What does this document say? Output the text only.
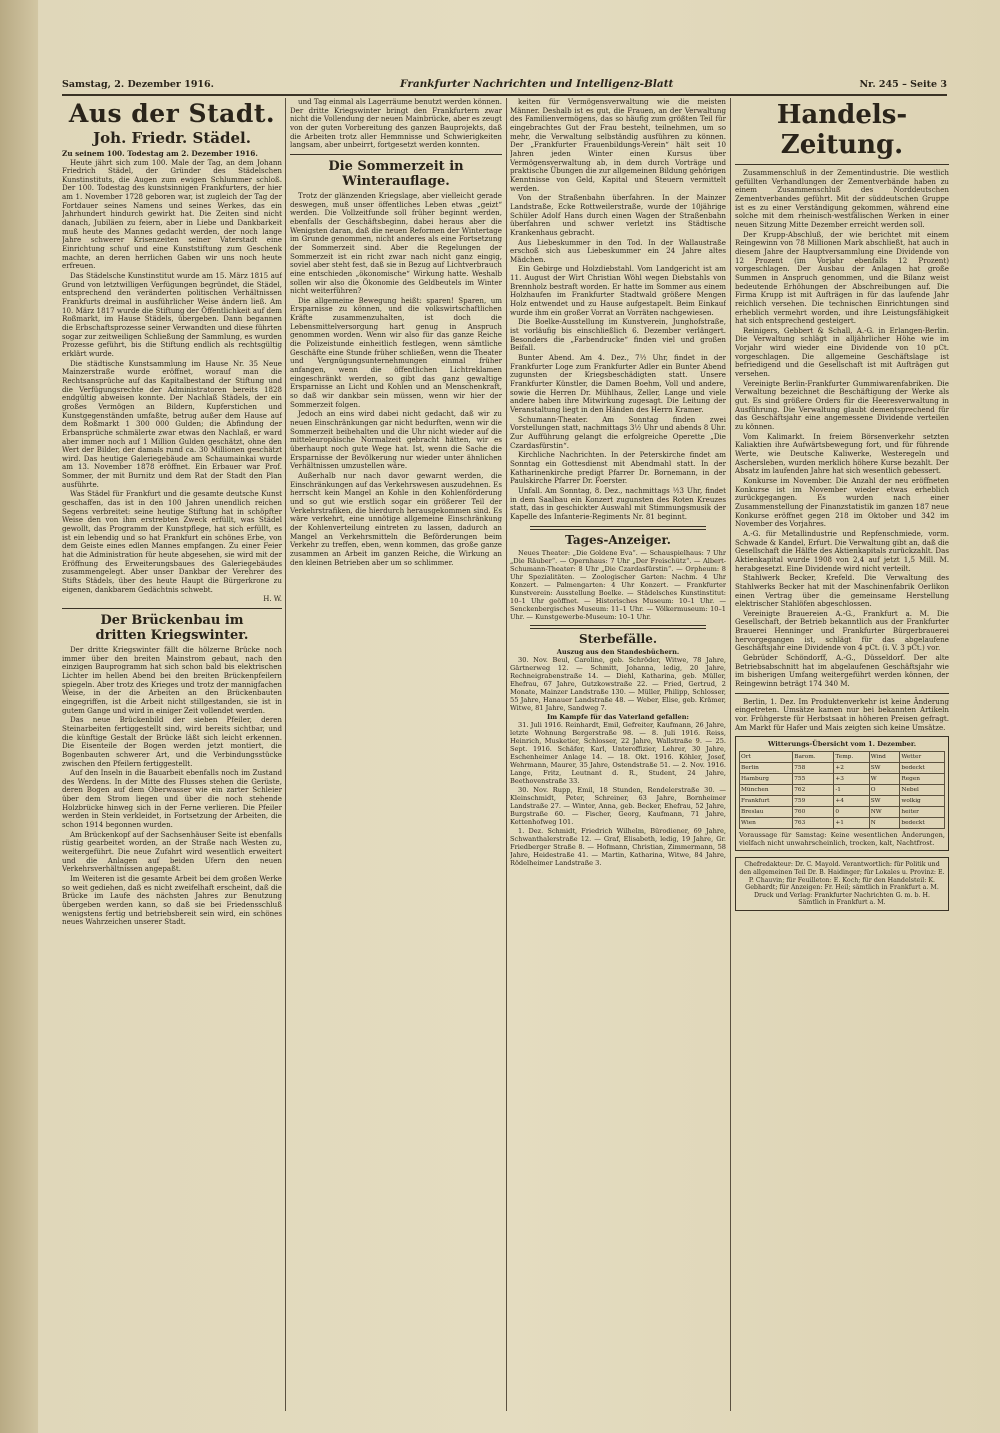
Samstag, 2. Dezember 1916.	Frankfurter Nachrichten und Intelligenz-Blatt	Nr. 245 – Seite 3
Aus der Stadt.
Joh. Friedr. Städel.
Zu seinem 100. Todestag am 2. Dezember 1916.

Heute jährt sich zum 100. Male der Tag, an dem Johann Friedrich Städel, der Gründer des Städelschen Kunstinstituts, die Augen zum ewigen Schlummer schloß. Der 100. Todestag des kunstsinnigen Frankfurters, der hier am 1. November 1728 geboren war, ist zugleich der Tag der Fortdauer seines Namens und seines Werkes, das ein Jahrhundert hindurch gewirkt hat. Die Zeiten sind nicht danach, Jubiläen zu feiern, aber in Liebe und Dankbarkeit muß heute des Mannes gedacht werden, der noch lange Jahre schwerer Krisenzeiten seiner Vaterstadt eine Einrichtung schuf und eine Kunststiftung zum Geschenk machte, an deren herrlichen Gaben wir uns noch heute erfreuen.

Das Städelsche Kunstinstitut wurde am 15. März 1815 auf Grund von letztwilligen Verfügungen begründet, die Städel, entsprechend den veränderten politischen Verhältnissen Frankfurts dreimal in ausführlicher Weise ändern ließ. Am 10. März 1817 wurde die Stiftung der Öffentlichkeit auf dem Roßmarkt, im Hause Städels, übergeben. Dann begannen die Erbschaftsprozesse seiner Verwandten und diese führten sogar zur zeitweiligen Schließung der Sammlung, es wurden Prozesse geführt, bis die Stiftung endlich als rechtsgültig erklärt wurde.

Die städtische Kunstsammlung im Hause Nr. 35 Neue Mainzerstraße wurde eröffnet, worauf man die Rechtsansprüche auf das Kapitalbestand der Stiftung und die Verfügungsrechte der Administratoren bereits 1828 endgültig abweisen konnte. Der Nachlaß Städels, der ein großes Vermögen an Bildern, Kupferstichen und Kunstgegenständen umfaßte, betrug außer dem Hause auf dem Roßmarkt 1 300 000 Gulden; die Abfindung der Erbansprüche schmälerte zwar etwas den Nachlaß, er ward aber immer noch auf 1 Million Gulden geschätzt, ohne den Wert der Bilder, der damals rund ca. 30 Millionen geschätzt wird. Das heutige Galeriegebäude am Schaumainkai wurde am 13. November 1878 eröffnet. Ein Erbauer war Prof. Sommer, der mit Burnitz und dem Rat der Stadt den Plan ausführte.

Was Städel für Frankfurt und die gesamte deutsche Kunst geschaffen, das ist in den 100 Jahren unendlich reichen Segens verbreitet: seine heutige Stiftung hat in schöpfter Weise den von ihm erstrebten Zweck erfüllt, was Städel gewollt, das Programm der Kunstpflege, hat sich erfüllt, es ist ein lebendig und so hat Frankfurt ein schönes Erbe, von dem Geiste eines edlen Mannes empfangen. Zu einer Feier hat die Administration für heute abgesehen, sie wird mit der Eröffnung des Erweiterungsbaues des Galeriegebäudes zusammengelegt. Aber unser Dankbar der Verehrer des Stifts Städels, über des heute Haupt die Bürgerkrone zu eigenen, dankbarem Gedächtnis schwebt.

H. W.
Der Brückenbau im
dritten Kriegswinter.

Der dritte Kriegswinter fällt die hölzerne Brücke noch immer über den breiten Mainstrom gebaut, nach den einzigen Bauprogramm hat sich schon bald bis elektrischen Lichter im hellen Abend bei den breiten Brückenpfeilern spiegeln. Aber trotz des Krieges und trotz der mannigfachen Weise, in der die Arbeiten an den Brückenbauten eingegriffen, ist die Arbeit nicht stillgestanden, sie ist in gutem Gange und wird in einiger Zeit vollendet werden.

Das neue Brückenbild der sieben Pfeiler, deren Steinarbeiten fertiggestellt sind, wird bereits sichtbar, und die künftige Gestalt der Brücke läßt sich leicht erkennen. Die Eisenteile der Bogen werden jetzt montiert, die Bogenbauten schwerer Art, und die Verbindungsstücke zwischen den Pfeilern fertiggestellt.

Auf den Inseln in die Bauarbeit ebenfalls noch im Zustand des Werdens. In der Mitte des Flusses stehen die Gerüste, deren Bogen auf dem Oberwasser wie ein zarter Schleier über dem Strom liegen und über die noch stehende Holzbrücke hinweg sich in der Ferne verlieren. Die Pfeiler werden in Stein verkleidet, in Fortsetzung der Arbeiten, die schon 1914 begonnen wurden.

Am Brückenkopf auf der Sachsenhäuser Seite ist ebenfalls rüstig gearbeitet worden, an der Straße nach Westen zu, weitergeführt. Die neue Zufahrt wird wesentlich erweitert und die Anlagen auf beiden Ufern den neuen Verkehrsverhältnissen angepaßt.

Im Weiteren ist die gesamte Arbeit bei dem großen Werke so weit gediehen, daß es nicht zweifelhaft erscheint, daß die Brücke im Laufe des nächsten Jahres zur Benutzung übergeben werden kann, so daß sie bei Friedensschluß wenigstens fertig und betriebsbereit sein wird, ein schönes neues Wahrzeichen unserer Stadt.

und Tag einmal als Lagerräume benutzt werden können. Der dritte Kriegswinter bringt den Frankfurtern zwar nicht die Vollendung der neuen Mainbrücke, aber es zeugt von der guten Vorbereitung des ganzen Bauprojekts, daß die Arbeiten trotz aller Hemmnisse und Schwierigkeiten langsam, aber unbeirrt, fortgesetzt werden konnten.

Die Sommerzeit in Winterauflage.

Trotz der glänzenden Kriegslage, aber vielleicht gerade deswegen, muß unser öffentliches Leben etwas „geizt“ werden. Die Vollzeitfunde soll früher beginnt werden, ebenfalls der Geschäftsbeginn, dabei heraus aber die Wenigsten daran, daß die neuen Reformen der Wintertage im Grunde genommen, nicht anderes als eine Fortsetzung der Sommerzeit sind. Aber die Regelungen der Sommerzeit ist ein richt zwar nach nicht ganz eingig, soviel aber steht fest, daß sie in Bezug auf Lichtverbrauch eine entschieden „ökonomische“ Wirkung hatte. Weshalb sollen wir also die Ökonomie des Geldbeutels im Winter nicht weiterführen?

Die allgemeine Bewegung heißt: sparen! Sparen, um Ersparnisse zu können, und die volkswirtschaftlichen Kräfte zusammenzuhalten, ist doch die Lebensmittelversorgung hart genug in Anspruch genommen worden. Wenn wir also für das ganze Reiche die Polizeistunde einheitlich festlegen, wenn sämtliche Geschäfte eine Stunde früher schließen, wenn die Theater und Vergnügungsunternehmungen einmal früher anfangen, wenn die öffentlichen Lichtreklamen eingeschränkt werden, so gibt das ganz gewaltige Ersparnisse an Licht und Kohlen und an Menschenkraft, so daß wir dankbar sein müssen, wenn wir hier der Sommerzeit folgen.

Jedoch an eins wird dabei nicht gedacht, daß wir zu neuen Einschränkungen gar nicht bedurften, wenn wir die Sommerzeit beibehalten und die Uhr nicht wieder auf die mitteleuropäische Normalzeit gebracht hätten, wir es überhaupt noch gute Wege hat. Ist, wenn die Sache die Ersparnisse der Bevölkerung nur wieder unter ähnlichen Verhältnissen umzustellen wäre.

Außerhalb nur nach davor gewarnt werden, die Einschränkungen auf das Verkehrswesen auszudehnen. Es herrscht kein Mangel an Kohle in den Kohlenförderung und so gut wie erstlich sogar ein größerer Teil der Verkehrstrafiken, die hierdurch herausgekommen sind. Es wäre verkehrt, eine unnötige allgemeine Einschränkung der Kohlenverteilung eintreten zu lassen, dadurch an Mangel an Verkehrsmitteln die Beförderungen beim Verkehr zu treffen, eben, wenn kommen, das große ganze zusammen an Arbeit im ganzen Reiche, die Wirkung an den kleinen Betrieben aber um so schlimmer.

keiten für Vermögensverwaltung wie die meisten Männer. Deshalb ist es gut, die Frauen, an der Verwaltung des Familienvermögens, das so häufig zum größten Teil für eingebrachtes Gut der Frau besteht, teilnehmen, um so mehr, die Verwaltung selbständig ausführen zu können. Der „Frankfurter Frauenbildungs-Verein“ hält seit 10 Jahren jeden Winter einen Kursus über Vermögensverwaltung ab, in dem durch Vorträge und praktische Übungen die zur allgemeinen Bildung gehörigen Kenntnisse von Geld, Kapital und Steuern vermittelt werden.

Von der Straßenbahn überfahren. In der Mainzer Landstraße, Ecke Rottweilerstraße, wurde der 10jährige Schüler Adolf Hans durch einen Wagen der Straßenbahn überfahren und schwer verletzt ins Städtische Krankenhaus gebracht.

Aus Liebeskummer in den Tod. In der Wallaustraße erschoß sich aus Liebeskummer ein 24 Jahre altes Mädchen.

Ein Gebirge und Holzdiebstahl. Vom Landgericht ist am 11. August der Wirt Christian Wöhl wegen Diebstahls von Brennholz bestraft worden. Er hatte im Sommer aus einem Holzhaufen im Frankfurter Stadtwald größere Mengen Holz entwendet und zu Hause aufgestapelt. Beim Einkauf wurde ihm ein großer Vorrat an Vorräten nachgewiesen.

Die Boelke-Ausstellung im Kunstverein, Junghofstraße, ist vorläufig bis einschließlich 6. Dezember verlängert. Besonders die „Farbendrucke“ finden viel und großen Beifall.

Bunter Abend. Am 4. Dez., 7½ Uhr, findet in der Frankfurter Loge zum Frankfurter Adler ein Bunter Abend zugunsten der Kriegsbeschädigten statt. Unsere Frankfurter Künstler, die Damen Boehm, Voll und andere, sowie die Herren Dr. Mühlhaus, Zeller, Lange und viele andere haben ihre Mitwirkung zugesagt. Die Leitung der Veranstaltung liegt in den Händen des Herrn Kramer.

Schumann-Theater. Am Sonntag finden zwei Vorstellungen statt, nachmittags 3½ Uhr und abends 8 Uhr. Zur Aufführung gelangt die erfolgreiche Operette „Die Czardasfürstin“.

Kirchliche Nachrichten. In der Peterskirche findet am Sonntag ein Gottesdienst mit Abendmahl statt. In der Katharinenkirche predigt Pfarrer Dr. Bornemann, in der Paulskirche Pfarrer Dr. Foerster.

Unfall. Am Sonntag, 8. Dez., nachmittags ½3 Uhr, findet in dem Saalbau ein Konzert zugunsten des Roten Kreuzes statt, das in geschickter Auswahl mit Stimmungsmusik der Kapelle des Infanterie-Regiments Nr. 81 beginnt.

Tages-Anzeiger.

Neues Theater: „Die Goldene Eva“. — Schauspielhaus: 7 Uhr „Die Räuber“. — Opernhaus: 7 Uhr „Der Freischütz“. — Albert-Schumann-Theater: 8 Uhr „Die Czardasfürstin“. — Orpheum: 8 Uhr Spezialitäten. — Zoologischer Garten: Nachm. 4 Uhr Konzert. — Palmengarten: 4 Uhr Konzert. — Frankfurter Kunstverein: Ausstellung Boelke. — Städelsches Kunstinstitut: 10–1 Uhr geöffnet. — Historisches Museum: 10–1 Uhr. — Senckenbergisches Museum: 11–1 Uhr. — Völkermuseum: 10–1 Uhr. — Kunstgewerbe-Museum: 10–1 Uhr.

Sterbefälle.
Auszug aus den Standesbüchern.

30. Nov. Beul, Caroline, geb. Schröder, Witwe, 78 Jahre, Gärtnerweg 12. — Schmitt, Johanna, ledig, 20 Jahre, Rechneigrabenstraße 14. — Diehl, Katharina, geb. Müller, Ehefrau, 67 Jahre, Gutzkowstraße 22. — Fried, Gertrud, 2 Monate, Mainzer Landstraße 130. — Müller, Philipp, Schlosser, 55 Jahre, Hanauer Landstraße 48. — Weber, Elise, geb. Krämer, Witwe, 81 Jahre, Sandweg 7.

Im Kampfe für das Vaterland gefallen:

31. Juli 1916. Reinhardt, Emil, Gefreiter, Kaufmann, 26 Jahre, letzte Wohnung Bergerstraße 98. — 8. Juli 1916. Reiss, Heinrich, Musketier, Schlosser, 22 Jahre, Wallstraße 9. — 25. Sept. 1916. Schäfer, Karl, Unteroffizier, Lehrer, 30 Jahre, Eschenheimer Anlage 14. — 18. Okt. 1916. Köhler, Josef, Wehrmann, Maurer, 35 Jahre, Ostendstraße 51. — 2. Nov. 1916. Lange, Fritz, Leutnant d. R., Student, 24 Jahre, Beethovenstraße 33.

30. Nov. Rupp, Emil, 18 Stunden, Rendelerstraße 30. — Kleinschmidt, Peter, Schreiner, 63 Jahre, Bornheimer Landstraße 27. — Winter, Anna, geb. Becker, Ehefrau, 52 Jahre, Burgstraße 60. — Fischer, Georg, Kaufmann, 71 Jahre, Kettenhofweg 101.

1. Dez. Schmidt, Friedrich Wilhelm, Bürodiener, 69 Jahre, Schwanthalerstraße 12. — Graf, Elisabeth, ledig, 19 Jahre, Gr. Friedberger Straße 8. — Hofmann, Christian, Zimmermann, 58 Jahre, Heidestraße 41. — Martin, Katharina, Witwe, 84 Jahre, Rödelheimer Landstraße 3.

Handels-Zeitung.

Zusammenschluß in der Zementindustrie. Die westlich gefüllten Verhandlungen der Zementverbände haben zu einem Zusammenschluß des Norddeutschen Zementverbandes geführt. Mit der süddeutschen Gruppe ist es zu einer Verständigung gekommen, während eine solche mit dem rheinisch-westfälischen Werken in einer neuen Sitzung Mitte Dezember erreicht werden soll.

Der Krupp-Abschluß, der wie berichtet mit einem Reingewinn von 78 Millionen Mark abschließt, hat auch in diesem Jahre der Hauptversammlung eine Dividende von 12 Prozent (im Vorjahr ebenfalls 12 Prozent) vorgeschlagen. Der Ausbau der Anlagen hat große Summen in Anspruch genommen, und die Bilanz weist bedeutende Erhöhungen der Abschreibungen auf. Die Firma Krupp ist mit Aufträgen in für das laufende Jahr reichlich versehen. Die technischen Einrichtungen sind erheblich vermehrt worden, und ihre Leistungsfähigkeit hat sich entsprechend gesteigert.

Reinigers, Gebbert & Schall, A.-G. in Erlangen-Berlin. Die Verwaltung schlägt in alljährlicher Höhe wie im Vorjahr wird wieder eine Dividende von 10 pCt. vorgeschlagen. Die allgemeine Geschäftslage ist befriedigend und die Gesellschaft ist mit Aufträgen gut versehen.

Vereinigte Berlin-Frankfurter Gummiwarenfabriken. Die Verwaltung bezeichnet die Beschäftigung der Werke als gut. Es sind größere Orders für die Heeresverwaltung in Ausführung. Die Verwaltung glaubt dementsprechend für das Geschäftsjahr eine angemessene Dividende verteilen zu können.

Vom Kalimarkt. In freiem Börsenverkehr setzten Kaliaktien ihre Aufwärtsbewegung fort, und für führende Werte, wie Deutsche Kaliwerke, Westeregeln und Aschersleben, wurden merklich höhere Kurse bezahlt. Der Absatz im laufenden Jahre hat sich wesentlich gebessert.

Konkurse im November. Die Anzahl der neu eröffneten Konkurse ist im November wieder etwas erheblich zurückgegangen. Es wurden nach einer Zusammenstellung der Finanzstatistik im ganzen 187 neue Konkurse eröffnet gegen 218 im Oktober und 342 im November des Vorjahres.

A.-G. für Metallindustrie und Repfenschmiede, vorm. Schwade & Kandel, Erfurt. Die Verwaltung gibt an, daß die Gesellschaft die Hälfte des Aktienkapitals zurückzahlt. Das Aktienkapital wurde 1908 von 2,4 auf jetzt 1,5 Mill. M. herabgesetzt. Eine Dividende wird nicht verteilt.

Stahlwerk Becker, Krefeld. Die Verwaltung des Stahlwerks Becker hat mit der Maschinenfabrik Oerlikon einen Vertrag über die gemeinsame Herstellung elektrischer Stahlöfen abgeschlossen.

Vereinigte Brauereien A.-G., Frankfurt a. M. Die Gesellschaft, der Betrieb bekanntlich aus der Frankfurter Brauerei Henninger und Frankfurter Bürgerbrauerei hervorgegangen ist, schlägt für das abgelaufene Geschäftsjahr eine Dividende von 4 pCt. (i. V. 3 pCt.) vor.

Gebrüder Schöndorff, A.-G., Düsseldorf. Der alte Betriebsabschnitt hat im abgelaufenen Geschäftsjahr wie im bisherigen Umfang weitergeführt werden können, der Reingewinn beträgt 174 340 M.

Berlin, 1. Dez. Im Produktenverkehr ist keine Änderung eingetreten. Umsätze kamen nur bei bekannten Artikeln vor. Frühgerste für Herbstsaat in höheren Preisen gefragt. Am Markt für Hafer und Mais zeigten sich keine Umsätze.

Witterungs-Übersicht vom 1. Dezember.
Ort	Barom.	Temp.	Wind	Wetter
Berlin	758	+2	SW	bedeckt
Hamburg	755	+3	W	Regen
München	762	-1	O	Nebel
Frankfurt	759	+4	SW	wolkig
Breslau	760	0	NW	heiter
Wien	763	+1	N	bedeckt
Voraussage für Samstag: Keine wesentlichen Änderungen, vielfach nicht unwahrscheinlich, trocken, kalt, Nachtfrost.
Chefredakteur: Dr. C. Mayold. Verantwortlich: für Politik und den allgemeinen Teil Dr. B. Haidinger; für Lokales u. Provinz: E. P. Chauvin; für Feuilleton: E. Koch; für den Handelsteil: K. Gebhardt; für Anzeigen: Fr. Heil; sämtlich in Frankfurt a. M. Druck und Verlag: Frankfurter Nachrichten G. m. b. H. Sämtlich in Frankfurt a. M.
